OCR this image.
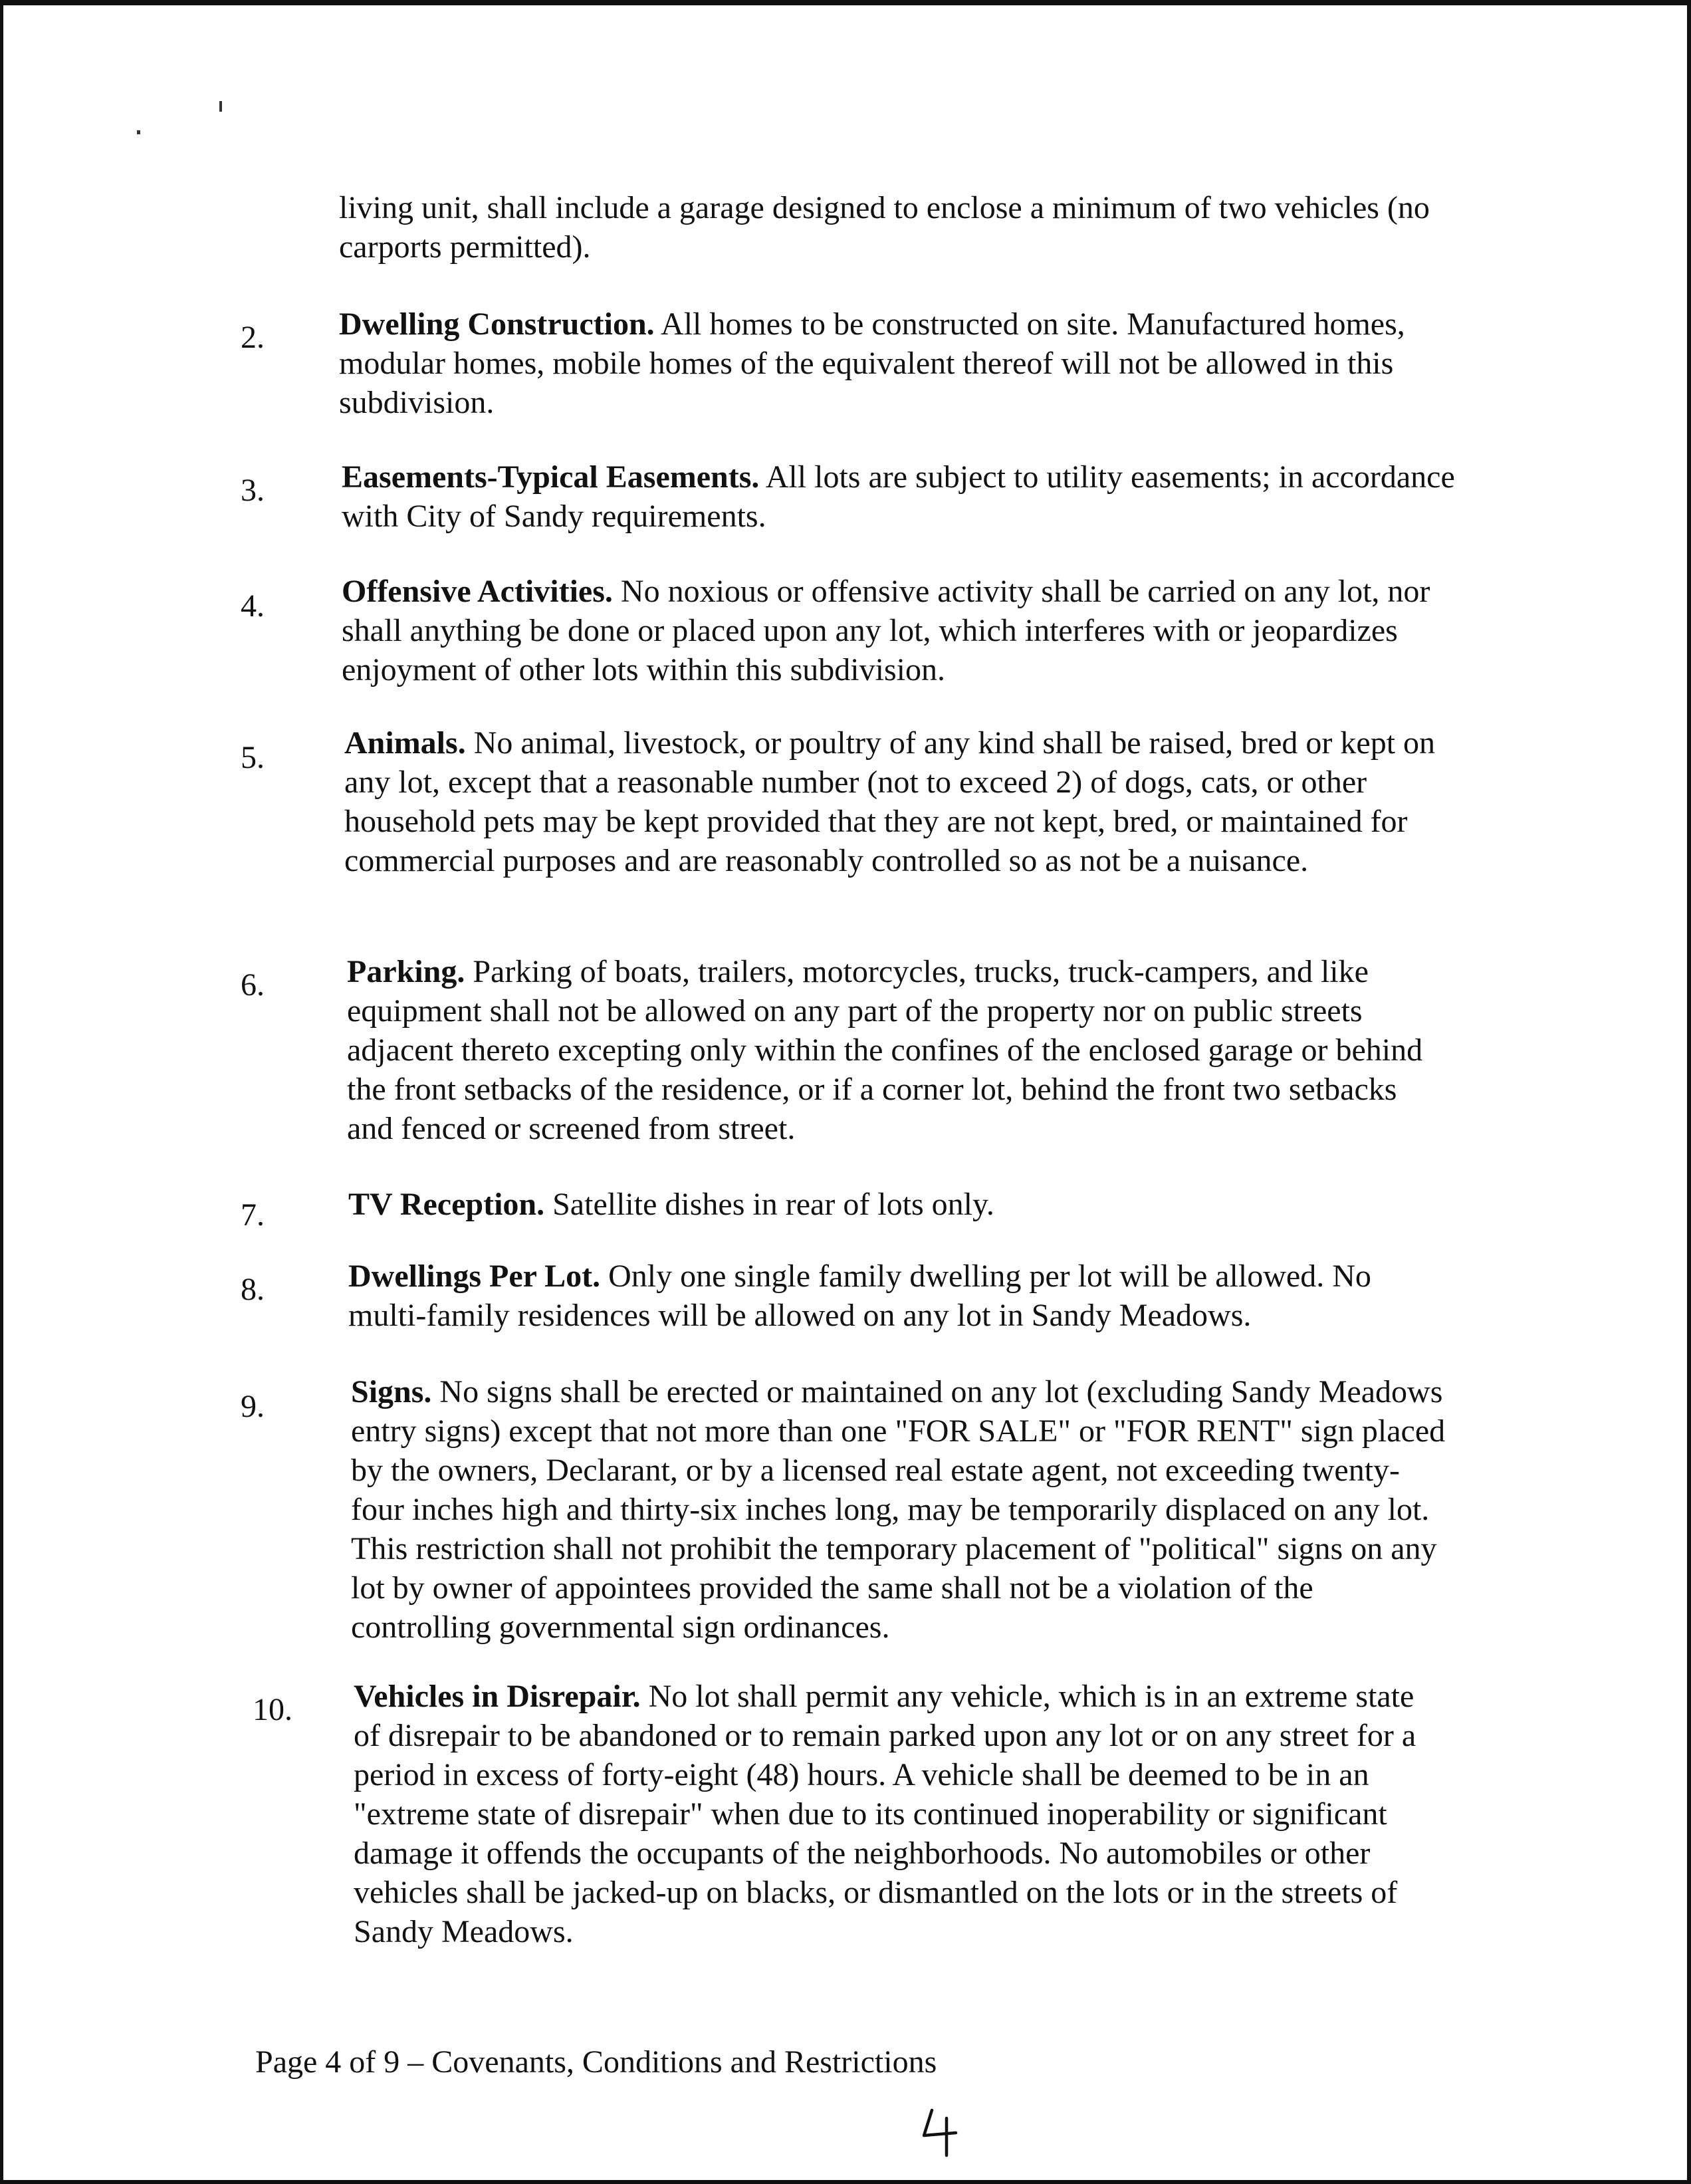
living unit, shall include a garage designed to enclose a minimum of two vehicles (no carports permitted).

2. Dwelling Construction. All homes to be constructed on site. Manufactured homes, modular homes, mobile homes of the equivalent thereof will not be allowed in this subdivision.
3. Easements-Typical Easements. All lots are subject to utility easements; in accordance with City of Sandy requirements.
4. Offensive Activities. No noxious or offensive activity shall be carried on any lot, nor shall anything be done or placed upon any lot, which interferes with or jeopardizes enjoyment of other lots within this subdivision.
5.	Animals. No animal, livestock, or poultry of any kind shall be raised, bred or kept on any lot, except that a reasonable number (not to exceed 2) of dogs, cats, or other household pets may be kept provided that they are not kept, bred, or maintained for commercial purposes and are reasonably controlled so as not be a nuisance.
6.	Parking. Parking of boats, trailers, motorcycles, trucks, truck-campers, and like equipment shall not be allowed on any part of the property nor on public streets adjacent thereto excepting only within the confines of the enclosed garage or behind the front setbacks of the residence, or if a corner lot, behind the front two setbacks and fenced or screened from street.
7.	TV Reception. Satellite dishes in rear of lots only.
8.	Dwellings Per Lot. Only one single family dwelling per lot will be allowed. No multi-family residences will be allowed on any lot in Sandy Meadows.
9.	Signs. No signs shall be erected or maintained on any lot (excluding Sandy Meadows entry signs) except that not more than one "FOR SALE" or "FOR RENT" sign placed by the owners, Declarant, or by a licensed real estate agent, not exceeding twenty-four inches high and thirty-six inches long, may be temporarily displaced on any lot. This restriction shall not prohibit the temporary placement of "political" signs on any lot by owner of appointees provided the same shall not be a violation of the controlling governmental sign ordinances.
10. Vehicles in Disrepair. No lot shall permit any vehicle, which is in an extreme state of disrepair to be abandoned or to remain parked upon any lot or on any street for a period in excess of forty-eight (48) hours. A vehicle shall be deemed to be in an "extreme state of disrepair" when due to its continued inoperability or significant damage it offends the occupants of the neighborhoods. No automobiles or other vehicles shall be jacked-up on blacks, or dismantled on the lots or in the streets of Sandy Meadows.
Page 4 of 9 – Covenants, Conditions and Restrictions
